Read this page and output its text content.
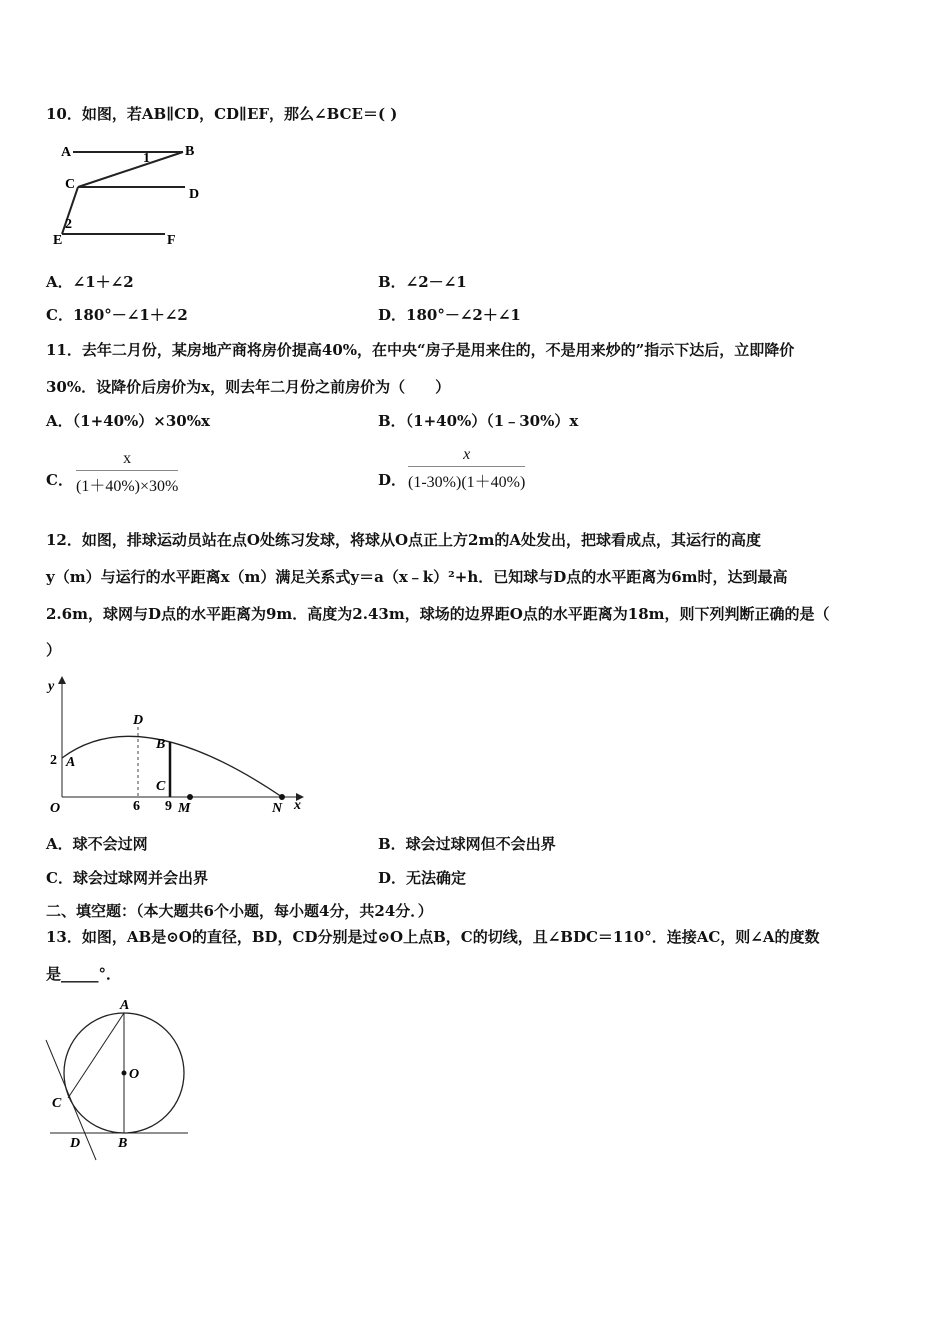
10．如图，若AB∥CD，CD∥EF，那么∠BCE＝( )
A	B
C
D
E	F
1
2
A．∠1＋∠2	B．∠2－∠1
C．180°－∠1＋∠2	D．180°－∠2＋∠1
11．去年二月份，某房地产商将房价提高40%，在中央“房子是用来住的，不是用来炒的”指示下达后，立即降价
30%．设降价后房价为x，则去年二月份之前房价为（　　）
A．（1+40%）×30%x	B．（1+40%）（1﹣30%）x
C． $\frac{x}{(1+40\%)\times 30\%}$	D． $\frac{x}{(1-30\%)(1+40\%)}$
12．如图，排球运动员站在点O处练习发球，将球从O点正上方2m的A处发出，把球看成点，其运行的高度
y（m）与运行的水平距离x（m）满足关系式y＝a（x﹣k）²+h．已知球与D点的水平距离为6m时，达到最高
2.6m，球网与D点的水平距离为9m．高度为2.43m，球场的边界距O点的水平距离为18m，则下列判断正确的是（
）
y
x
O
2 A
D
B
C
6 9 M	N
A．球不会过网	B．球会过球网但不会出界
C．球会过球网并会出界	D．无法确定
二、填空题：（本大题共6个小题，每小题4分，共24分．）
13．如图，AB是⊙O的直径，BD，CD分别是过⊙O上点B，C的切线，且∠BDC＝110°．连接AC，则∠A的度数
是_____°．
A
O
C
D	B
